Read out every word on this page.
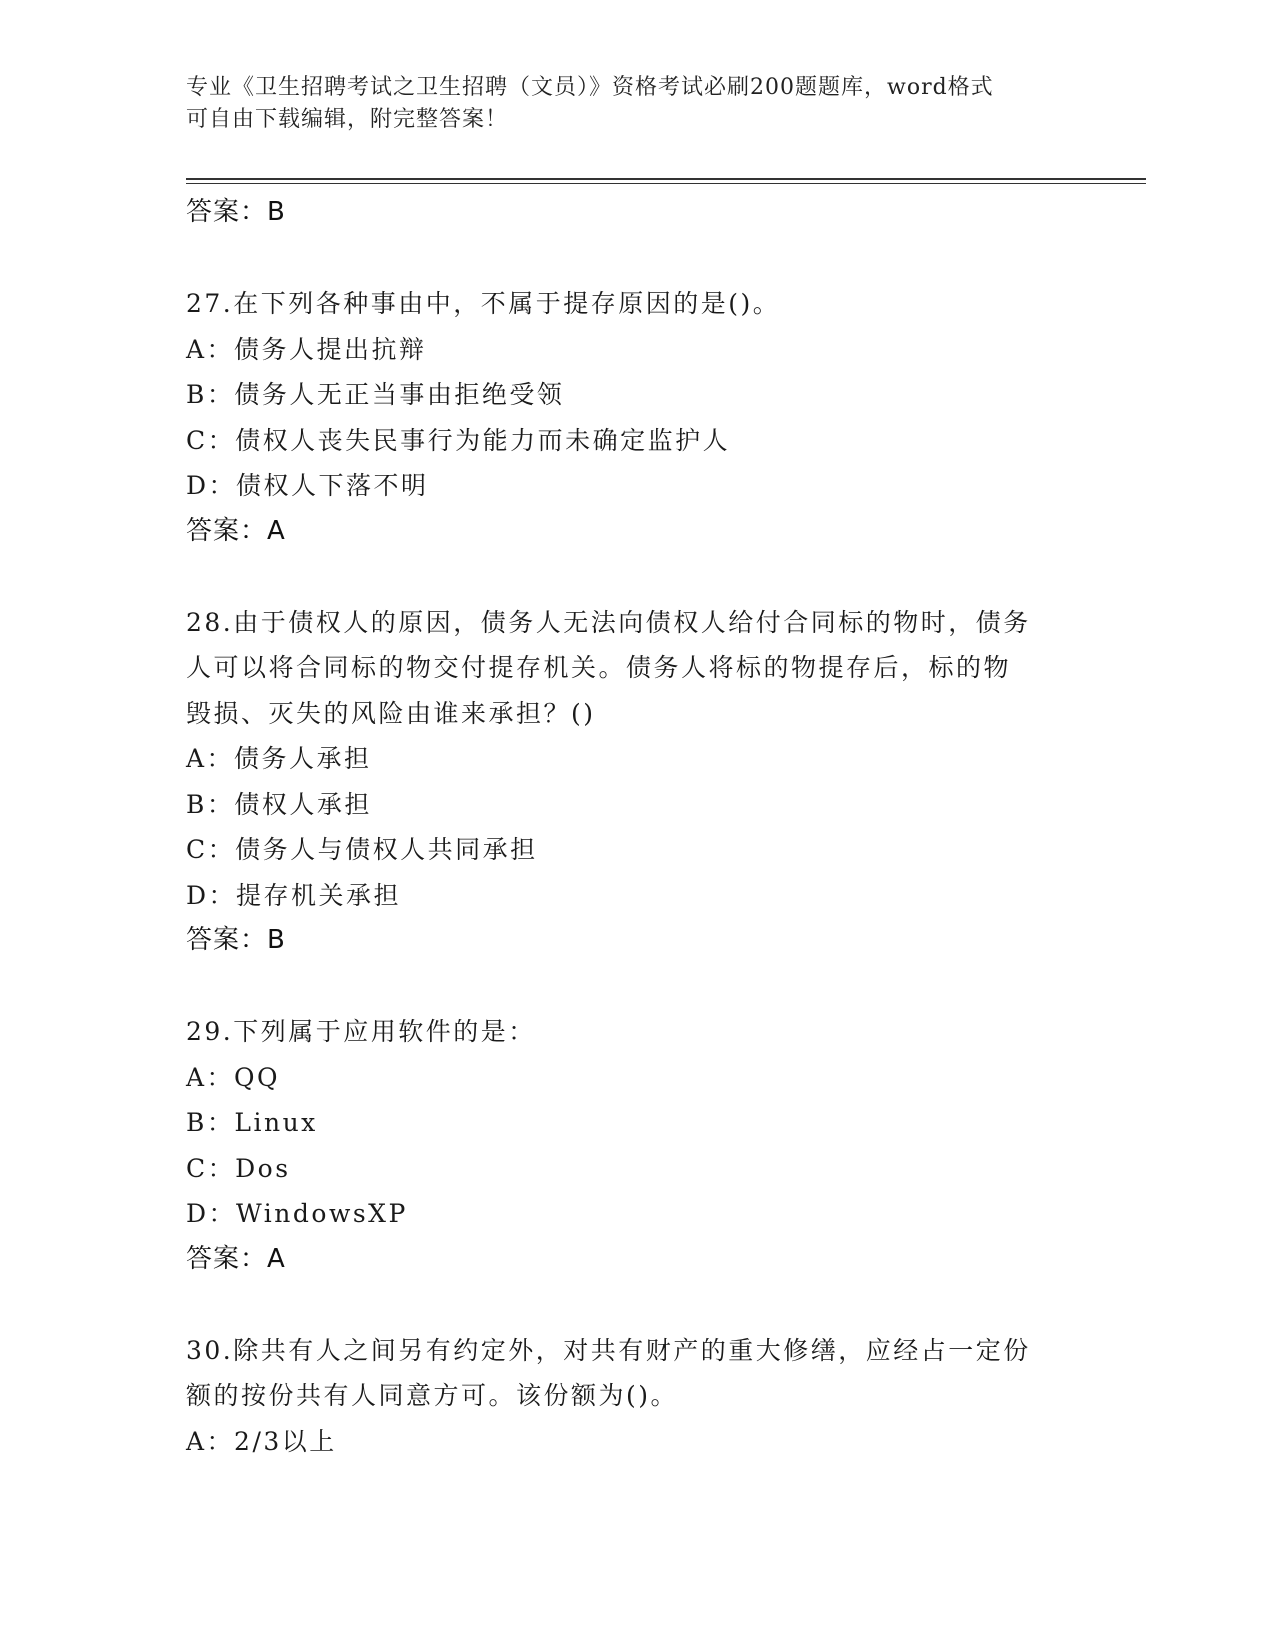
专业《卫生招聘考试之卫生招聘（文员）》资格考试必刷200题题库，word格式
可自由下载编辑，附完整答案！
答案：B
27.在下列各种事由中，不属于提存原因的是()。
A：债务人提出抗辩
B：债务人无正当事由拒绝受领
C：债权人丧失民事行为能力而未确定监护人
D：债权人下落不明
答案：A
28.由于债权人的原因，债务人无法向债权人给付合同标的物时，债务
人可以将合同标的物交付提存机关。债务人将标的物提存后，标的物
毁损、灭失的风险由谁来承担？()
A：债务人承担
B：债权人承担
C：债务人与债权人共同承担
D：提存机关承担
答案：B
29.下列属于应用软件的是：
A：QQ
B：Linux
C：Dos
D：WindowsXP
答案：A
30.除共有人之间另有约定外，对共有财产的重大修缮，应经占一定份
额的按份共有人同意方可。该份额为()。
A：2/3以上
